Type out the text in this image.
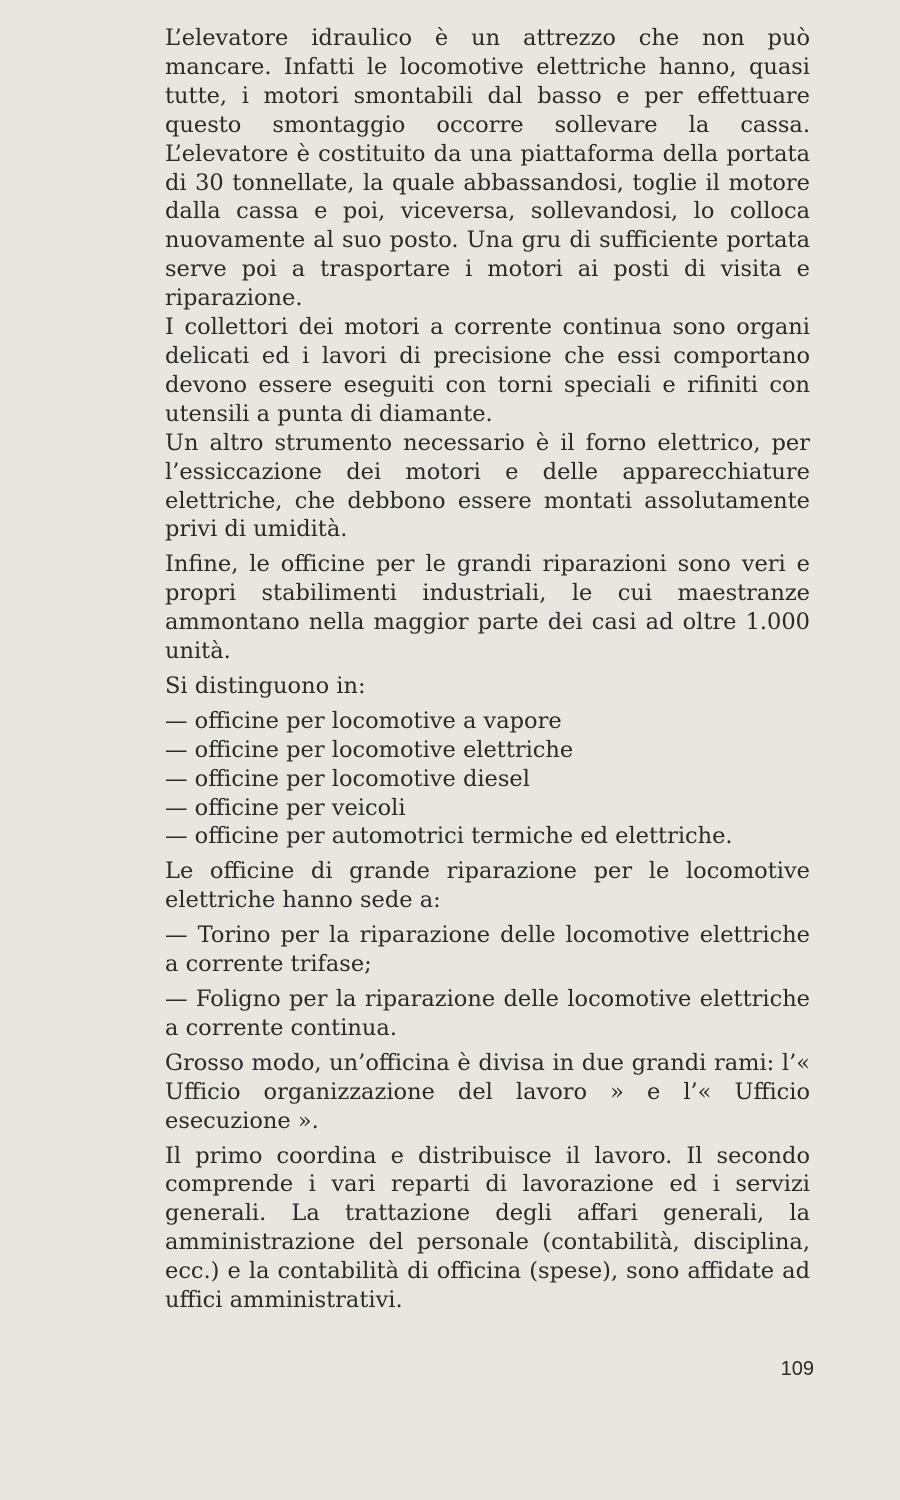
L’elevatore idraulico è un attrezzo che non può mancare. Infatti le locomotive elettriche hanno, quasi tutte, i motori smontabili dal basso e per effettuare questo smontaggio occorre sollevare la cassa. L’elevatore è costituito da una piattaforma della portata di 30 tonnellate, la quale abbassandosi, toglie il motore dalla cassa e poi, viceversa, sollevandosi, lo colloca nuovamente al suo posto. Una gru di sufficiente portata serve poi a trasportare i motori ai posti di visita e riparazione.

I collettori dei motori a corrente continua sono organi delicati ed i lavori di precisione che essi comportano devono essere eseguiti con torni speciali e rifiniti con utensili a punta di diamante.

Un altro strumento necessario è il forno elettrico, per l’essiccazione dei motori e delle apparecchiature elettriche, che debbono essere montati assolutamente privi di umidità.

Infine, le officine per le grandi riparazioni sono veri e propri stabilimenti industriali, le cui maestranze ammontano nella maggior parte dei casi ad oltre 1.000 unità.

Si distinguono in:

— officine per locomotive a vapore

— officine per locomotive elettriche

— officine per locomotive diesel

— officine per veicoli

— officine per automotrici termiche ed elettriche.

Le officine di grande riparazione per le locomotive elettriche hanno sede a:

— Torino per la riparazione delle locomotive elettriche a corrente trifase;

— Foligno per la riparazione delle locomotive elettriche a corrente continua.

Grosso modo, un’officina è divisa in due grandi rami: l’« Ufficio organizzazione del lavoro » e l’« Ufficio esecuzione ».

Il primo coordina e distribuisce il lavoro. Il secondo comprende i vari reparti di lavorazione ed i servizi generali. La trattazione degli affari generali, la amministrazione del personale (contabilità, disciplina, ecc.) e la contabilità di officina (spese), sono affidate ad uffici amministrativi.

109
